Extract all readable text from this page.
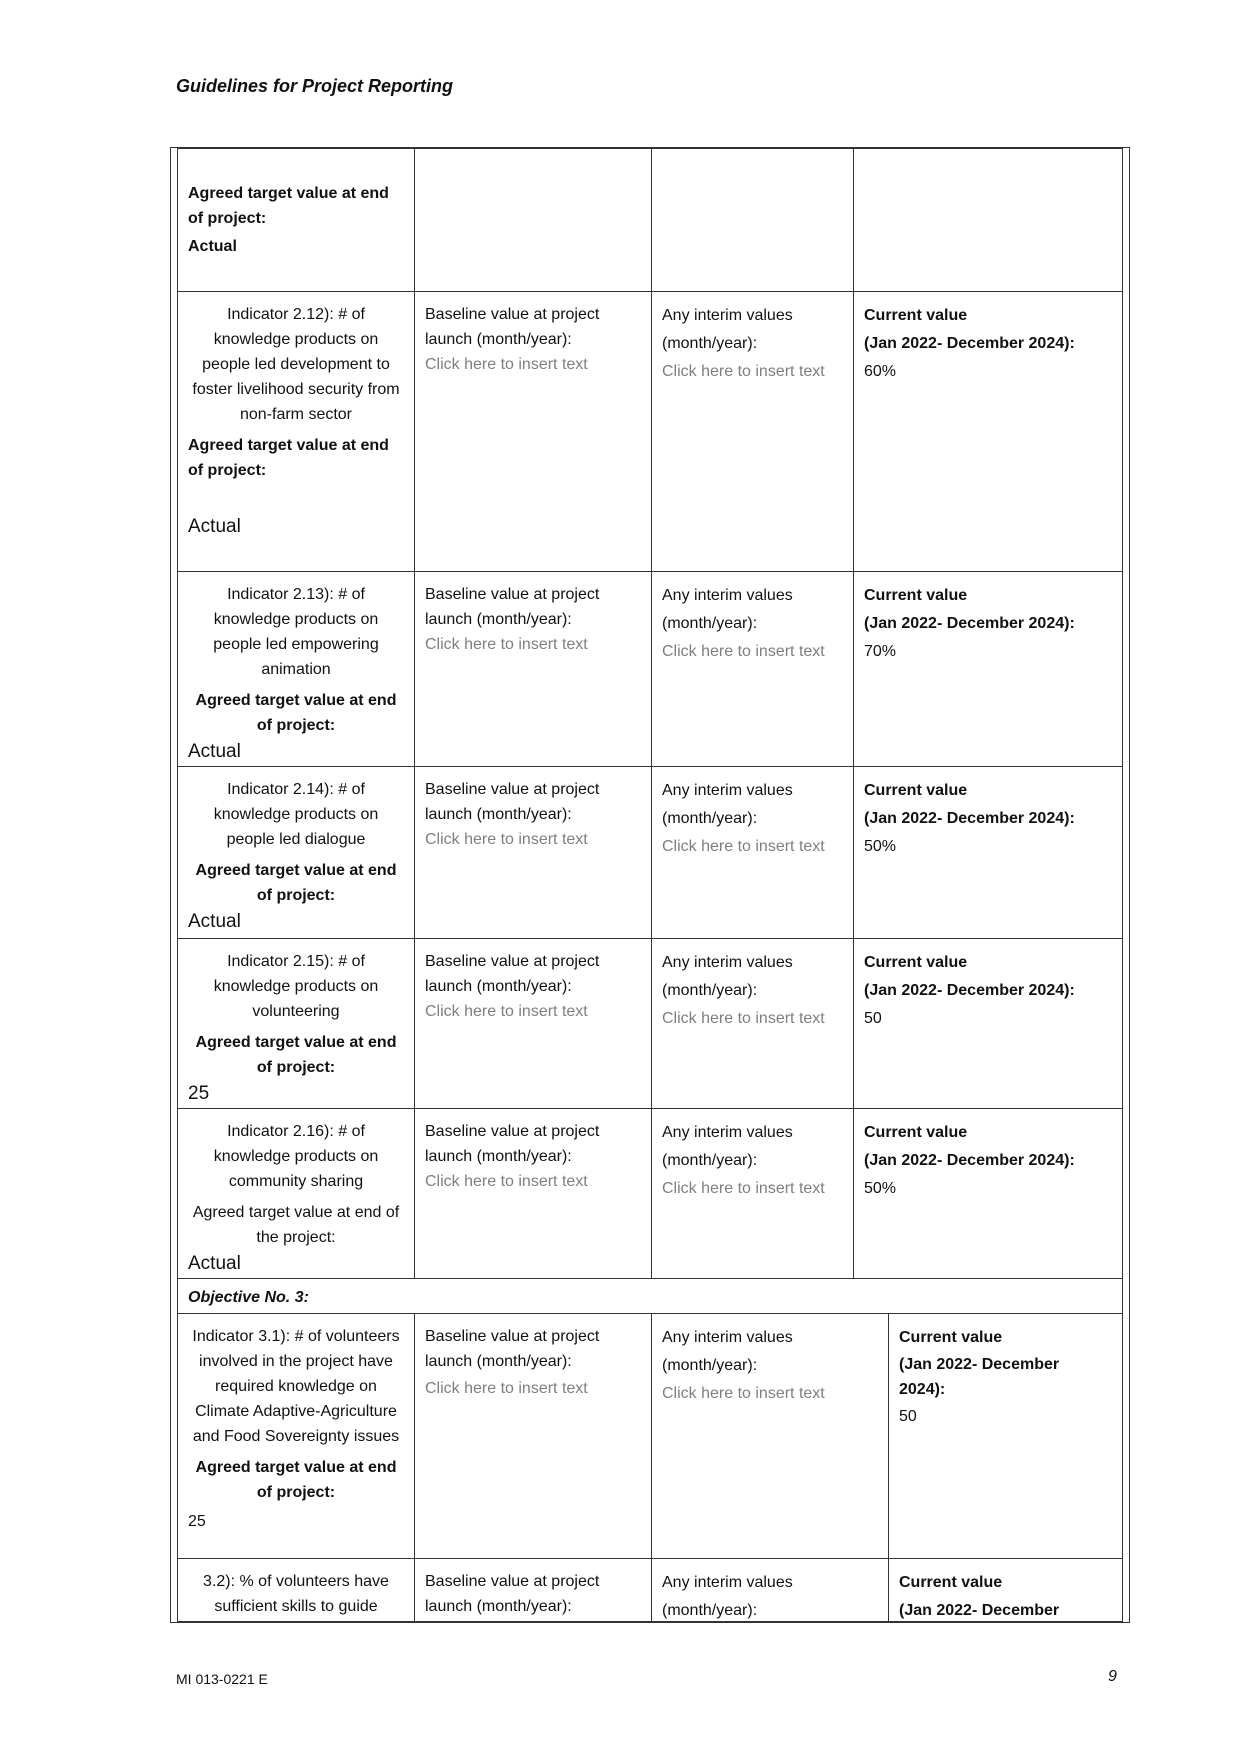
Guidelines for Project Reporting
Agreed target value at end of project:
Actual
Indicator 2.12): # of knowledge products on people led development to foster livelihood security from non-farm sector
Agreed target value at end of project:
Actual
Baseline value at project launch (month/year):
Click here to insert text
Any interim values (month/year):
Click here to insert text
Current value
(Jan 2022- December 2024):
60%
Indicator 2.13): # of knowledge products on people led empowering animation
Agreed target value at end of project:
Actual
Baseline value at project launch (month/year):
Click here to insert text
Any interim values (month/year):
Click here to insert text
Current value
(Jan 2022- December 2024):
70%
Indicator 2.14): # of knowledge products on people led dialogue
Agreed target value at end of project:
Actual
Baseline value at project launch (month/year):
Click here to insert text
Any interim values (month/year):
Click here to insert text
Current value
(Jan 2022- December 2024):
50%
Indicator 2.15): # of knowledge products on volunteering
Agreed target value at end of project:
25
Baseline value at project launch (month/year):
Click here to insert text
Any interim values (month/year):
Click here to insert text
Current value
(Jan 2022- December 2024):
50
Indicator 2.16): # of knowledge products on community sharing
Agreed target value at end of the project:
Actual
Baseline value at project launch (month/year):
Click here to insert text
Any interim values (month/year):
Click here to insert text
Current value
(Jan 2022- December 2024):
50%
Objective No. 3:
Indicator 3.1): # of volunteers involved in the project have required knowledge on Climate Adaptive-Agriculture and Food Sovereignty issues
Agreed target value at end of project:
25
Baseline value at project launch (month/year):
Click here to insert text
Any interim values (month/year):
Click here to insert text
Current value
(Jan 2022- December
2024):
50
3.2): % of volunteers have sufficient skills to guide
Baseline value at project launch (month/year):
Any interim values (month/year):
Current value
(Jan 2022- December
MI 013-0221 E	9
